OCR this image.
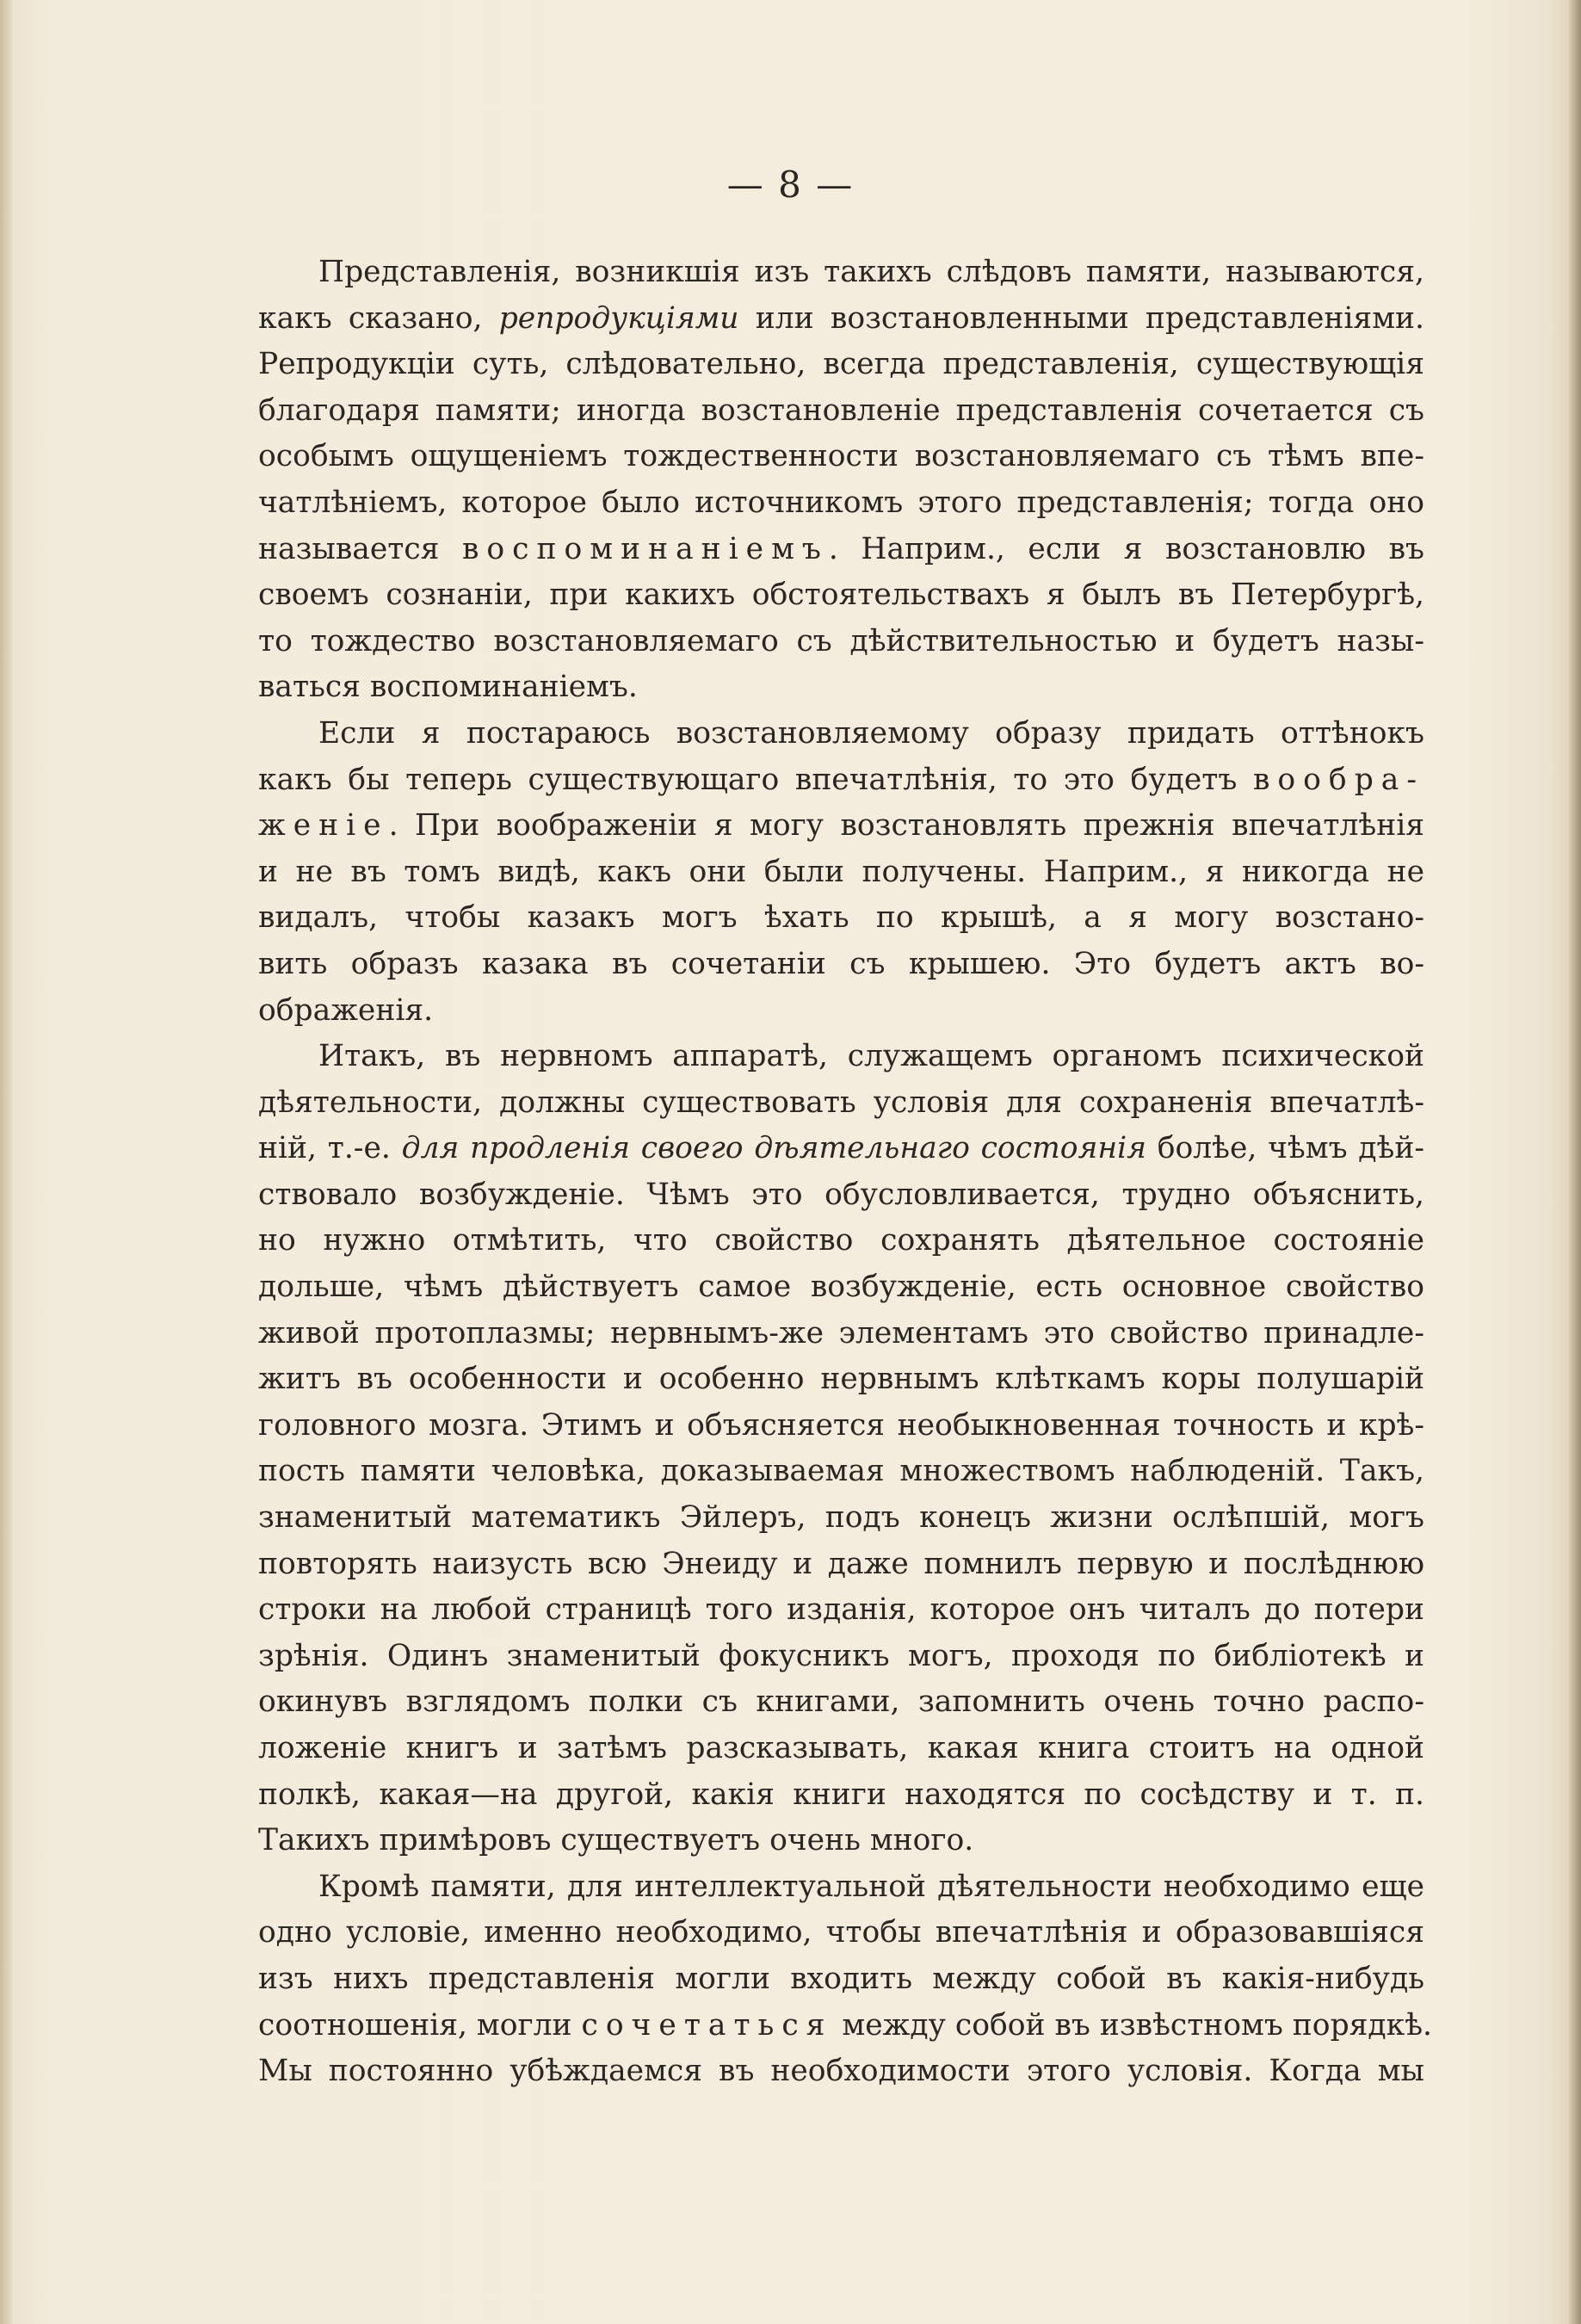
— 8 —
Представленія, возникшія изъ такихъ слѣдовъ памяти, называются,
какъ сказано, репродукціями или возстановленными представленіями.
Репродукціи суть, слѣдовательно, всегда представленія, существующія
благодаря памяти; иногда возстановленіе представленія сочетается съ
особымъ ощущеніемъ тождественности возстановляемаго съ тѣмъ впе-
чатлѣніемъ, которое было источникомъ этого представленія; тогда оно
называется воспоминаніемъ. Наприм., если я возстановлю въ
своемъ сознаніи, при какихъ обстоятельствахъ я былъ въ Петербургѣ,
то тождество возстановляемаго съ дѣйствительностью и будетъ назы-
ваться воспоминаніемъ.
Если я постараюсь возстановляемому образу придать оттѣнокъ
какъ бы теперь существующаго впечатлѣнія, то это будетъ вообра-
женіе. При воображеніи я могу возстановлять прежнія впечатлѣнія
и не въ томъ видѣ, какъ они были получены. Наприм., я никогда не
видалъ, чтобы казакъ могъ ѣхать по крышѣ, а я могу возстано-
вить образъ казака въ сочетаніи съ крышею. Это будетъ актъ во-
ображенія.
Итакъ, въ нервномъ аппаратѣ, служащемъ органомъ психической
дѣятельности, должны существовать условія для сохраненія впечатлѣ-
ній, т.-е. для продленія своего дѣятельнаго состоянія болѣе, чѣмъ дѣй-
ствовало возбужденіе. Чѣмъ это обусловливается, трудно объяснить,
но нужно отмѣтить, что свойство сохранять дѣятельное состояніе
дольше, чѣмъ дѣйствуетъ самое возбужденіе, есть основное свойство
живой протоплазмы; нервнымъ-же элементамъ это свойство принадле-
житъ въ особенности и особенно нервнымъ клѣткамъ коры полушарій
головного мозга. Этимъ и объясняется необыкновенная точность и крѣ-
пость памяти человѣка, доказываемая множествомъ наблюденій. Такъ,
знаменитый математикъ Эйлеръ, подъ конецъ жизни ослѣпшій, могъ
повторять наизусть всю Энеиду и даже помнилъ первую и послѣднюю
строки на любой страницѣ того изданія, которое онъ читалъ до потери
зрѣнія. Одинъ знаменитый фокусникъ могъ, проходя по библіотекѣ и
окинувъ взглядомъ полки съ книгами, запомнить очень точно распо-
ложеніе книгъ и затѣмъ разсказывать, какая книга стоитъ на одной
полкѣ, какая—на другой, какія книги находятся по сосѣдству и т. п.
Такихъ примѣровъ существуетъ очень много.
Кромѣ памяти, для интеллектуальной дѣятельности необходимо еще
одно условіе, именно необходимо, чтобы впечатлѣнія и образовавшіяся
изъ нихъ представленія могли входить между собой въ какія-нибудь
соотношенія, могли сочетаться между собой въ извѣстномъ порядкѣ.
Мы постоянно убѣждаемся въ необходимости этого условія. Когда мы
